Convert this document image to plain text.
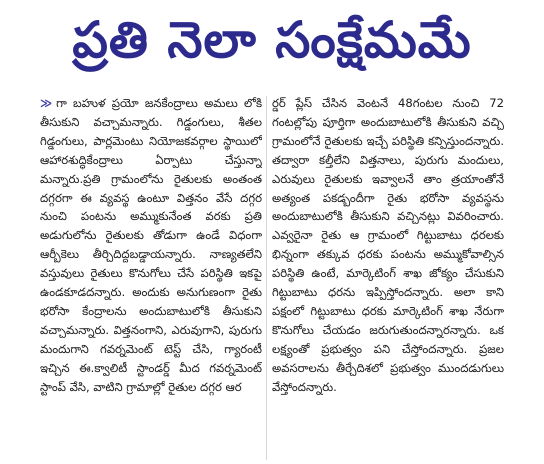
ప్రతి నెలా సంక్షేమమే

≫ గా బహుళ ప్రయో జనకేంద్రాలు అమలు లోకి తీసుకుని వచ్చామన్నారు. గిడ్డంగులు, శీతల గిడ్డంగులు, పార్లమెంటు నియోజకవర్గాల స్థాయిలో ఆహారశుద్ధికేంద్రాలు ఏర్పాటు చేస్తున్నా మన్నారు.ప్రతి గ్రామంలోను రైతులకు అంతంత దగ్గరగా ఈ వ్యవస్థ ఉంటూ విత్తనం వేసే దగ్గర నుంచి పంటను అమ్ముకునేంత వరకు ప్రతి అడుగులోను రైతులకు తోడుగా ఉండే విధంగా ఆర్బీకెలు తీర్చిదిద్దబడ్డాయన్నారు. నాణ్యతలేని వస్తువులు రైతులు కొనుగోలు చేసే పరిస్థితి ఇకపై ఉండకూడదన్నారు. అందుకు అనుగుణంగా రైతు భరోసా కేంద్రాలను అందుబాటులోకి తీసుకుని వచ్చామన్నారు. విత్తనంగాని, ఎరువుగాని, పురుగు మందుగాని గవర్నమెంట్ టెస్ట్ చేసి, గ్యారంటీ ఇచ్చిన ఈ.క్వాలిటీ స్టాండర్డ్ మీద గవర్నమెంట్ స్టాంప్ వేసి, వాటిని గ్రామాల్లో రైతుల దగ్గర ఆర

ర్డర్ ప్లేస్ చేసిన వెంటనే 48గంటల నుంచి 72 గంటల్లోపు పూర్తిగా అందుబాటులోకి తీసుకుని వచ్చి గ్రామంలోనే రైతులకు ఇచ్చే పరిస్థితి కన్పిస్తుందన్నారు. తద్వారా కల్తీలేని విత్తనాలు, పురుగు మందులు, ఎరువులు రైతులకు ఇవ్వాలనే తాం త్రయాంతోనే అత్యంత పకడ్బందీగా రైతు భరోసా వ్యవస్థను అందుబాటులోకి తీసుకుని వచ్చినట్లు వివరించారు. ఎవ్వరైనా రైతు ఆ గ్రామంలో గిట్టుబాటు ధరలకు భిన్నంగా తక్కువ ధరకు పంటను అమ్ముకోవాల్సిన పరిస్థితి ఉంటే, మార్కెటింగ్ శాఖ జోక్యం చేసుకుని గిట్టుబాటు ధరను ఇప్పిస్తోందన్నారు. అలా కాని పక్షంలో గిట్టుబాటు ధరకు మార్కెటింగ్ శాఖ నేరుగా కొనుగోలు చేయడం జరుగుతుందన్నారన్నారు. ఒక లక్ష్యంతో ప్రభుత్వం పని చేస్తోందన్నారు. ప్రజల అవసరాలను తీర్చేదిశలో ప్రభుత్వం ముందడుగులు వేస్తోందన్నారు.
